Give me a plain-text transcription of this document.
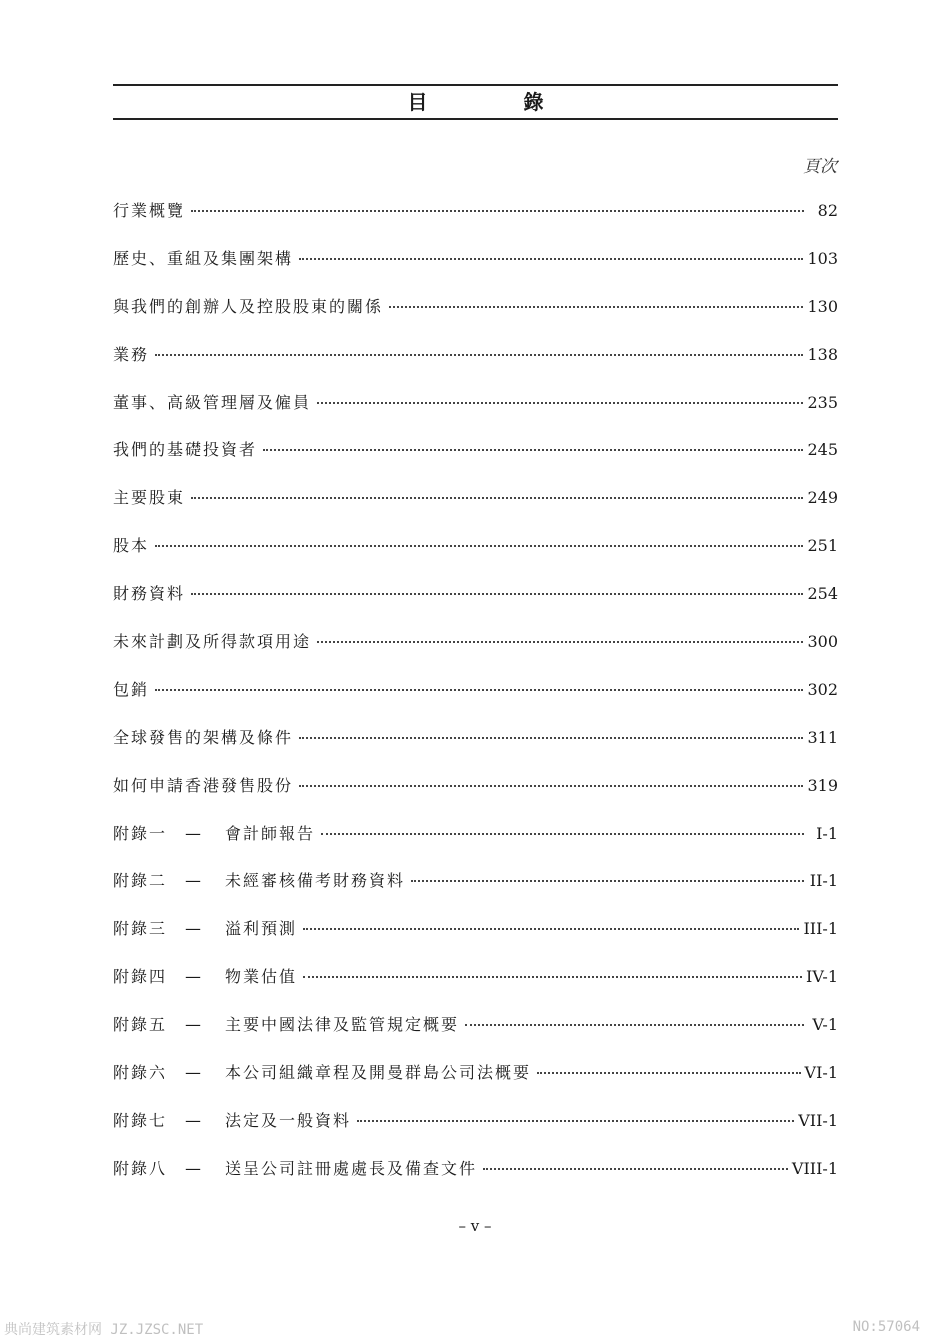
目　錄
頁次
行業概覽	82
歷史、重組及集團架構	103
與我們的創辦人及控股股東的關係	130
業務	138
董事、高級管理層及僱員	235
我們的基礎投資者	245
主要股東	249
股本	251
財務資料	254
未來計劃及所得款項用途	300
包銷	302
全球發售的架構及條件	311
如何申請香港發售股份	319
附錄一	—	會計師報告	I-1
附錄二	—	未經審核備考財務資料	II-1
附錄三	—	溢利預測	III-1
附錄四	—	物業估值	IV-1
附錄五	—	主要中國法律及監管規定概要	V-1
附錄六	—	本公司組織章程及開曼群島公司法概要	VI-1
附錄七	—	法定及一般資料	VII-1
附錄八	—	送呈公司註冊處處長及備查文件	VIII-1
– v –
典尚建筑素材网 JZ.JZSC.NET	NO:57064
